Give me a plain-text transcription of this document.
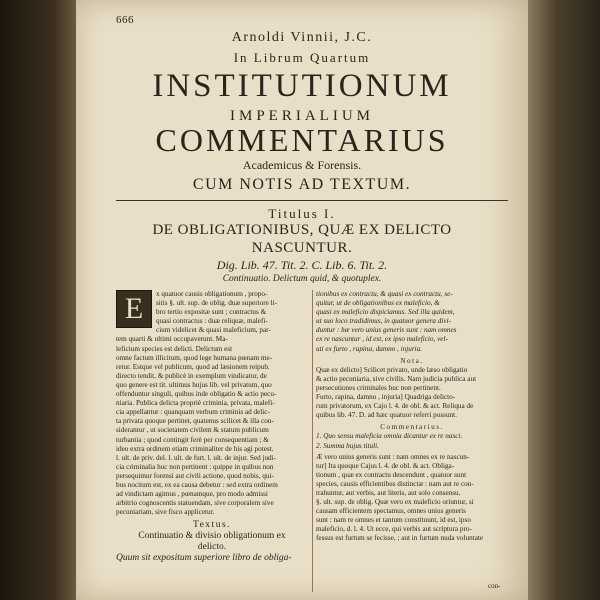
666
Arnoldi Vinnii, J.C.
In Librum Quartum
INSTITUTIONUM
IMPERIALIUM
COMMENTARIUS
Academicus & Forensis.
CUM NOTIS AD TEXTUM.
Titulus I.
DE OBLIGATIONIBUS, QUÆ EX DELICTO
NASCUNTUR.
Dig. Lib. 47. Tit. 2. C. Lib. 6. Tit. 2.
Continuatio. Delictum quid, & quotuplex.
E	x quatuor causis obligationum , propo-
sitis §. ult. sup. de oblig. duæ superiore li-
bro tertio expositæ sunt ; contractus &
quasi contractus : duæ reliquæ, malefi-
cium videlicet & quasi maleficium, par-
tem quarti & ultimi occupaverunt. Ma-
leficium species est delicti. Delictum est
omne factum illicitum, quod lege humana pœnam me-
retur. Estque vel publicum, quod ad læsionem reipub.
directo tendit, & publicè in exemplum vindicatur, de
quo genere est tit. ultimus hujus lib. vel privatum, quo
offenduntur singuli, quibus inde obligatio & actio pecu-
niaria. Publica delicta propriè criminia, privata, malefi-
cia appellantur : quanquam verbum criminis ad delic-
ta privata quoque pertinet, quatenus scilicet & illa con-
siderantur , ut societatem civilem & statum publicum
turbantia ; quod contingit ferè per consequentiam ; &
ideo extra ordinem etiam criminaliter de his agi potest.
l. ult. de priv. del. l. ult. de furt. l. ult. de injur. Sed judi-
cia criminalia huc non pertinent : quippe in quibus non
persequimur forensi aut civili actione, quod nobis, qui-
bus nocitum est, ex ea causa debetur : sed extra ordinem
ad vindictam agimus , pœnamque, pro modo admissi
arbitrio cognoscentis statuendam, sive corporalem sive
pecuniariam, sive fisco applicetur.
Textus.
Continuatio & divisio obligationum ex
delicto.
Quum sit expositum superiore libro de obliga-
tionibus ex contractu, & quasi ex contractu, se-
quitur, ut de obligationibus ex maleficio, &
quasi ex maleficio dispiciamus. Sed illa quidem,
ut suo loco tradidimus, in quatuor genera divi-
duntur : hæ vero unius generis sunt : nam omnes
ex re nascuntur , id est, ex ipso maleficio, vel-
uti ex furto , rapina, damno , injuria.
Nota.
Quæ ex delicto] Scilicet privato, unde læso obligatio
& actio pecuniaria, sive civilis. Nam judicia publica aut
persecutiones criminales huc non pertinent.
Furto, rapina, damno , injuria] Quadriga delicto-
rum privatorum, ex Cajo l. 4. de obl. & act. Reliqua de
quibus lib. 47. D. ad hæc quatuor referri possunt.
Commentarius.
1. Quo sensu maleficia omnia dicantur ex re nasci.
2. Summa hujus tituli.
Æ vero unius generis sunt : nam omnes ex re nascun-
tur] Ita quoque Cajus l. 4. de obl. & act. Obliga-
tionum , quæ ex contractu descendunt , quatuor sunt
species, causis efficientibus distinctæ : nam aut re con-
trahuntur, aut verbis, aut literis, aut solo consensu,
§. ult. sup. de oblig. Quæ vero ex maleficio oriuntur, si
causam efficientem spectamus, omnes unius generis
sunt : nam re omnes et tantum constituunt, id est, ipso
maleficio, d. l. 4. Ut ecce, qui verbis aut scriptura pro-
fessus est furtum se fecisse, ; aut in furtum nuda voluntate
con-
